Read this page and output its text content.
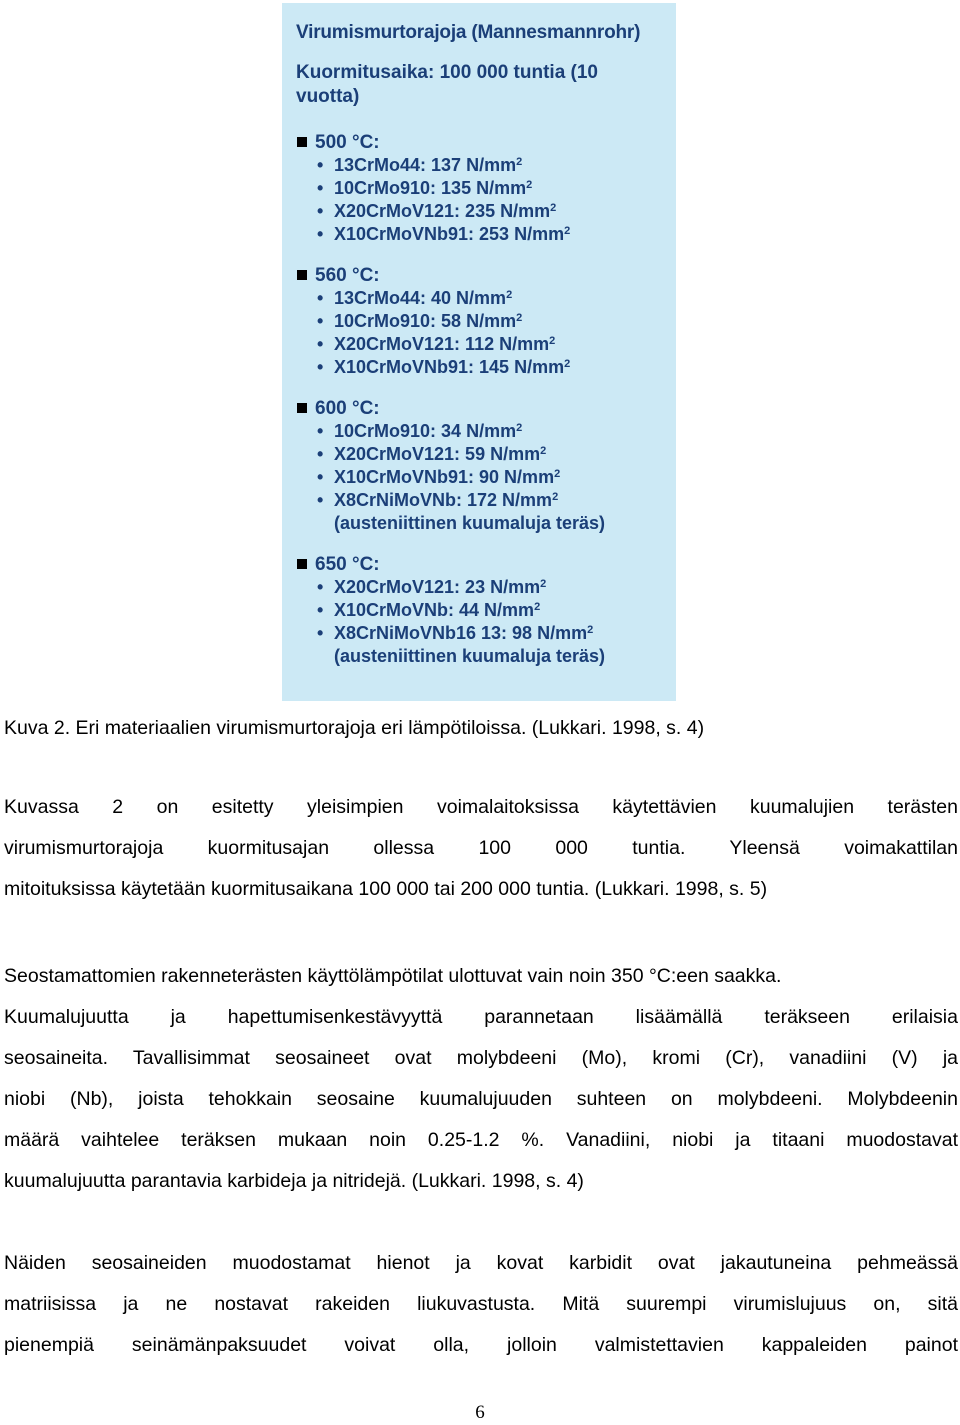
Virumismurtorajoja (Mannesmannrohr)
Kuormitusaika: 100 000 tuntia (10
vuotta)
500 °C:
• 13CrMo44: 137 $N/mm^2$
• 10CrMo910: 135 $N/mm^2$
• X20CrMoV121: 235 $N/mm^2$
• X10CrMoVNb91: 253 $N/mm^2$
560 °C:
• 13CrMo44: 40 $N/mm^2$
• 10CrMo910: 58 $N/mm^2$
• X20CrMoV121: 112 $N/mm^2$
• X10CrMoVNb91: 145 $N/mm^2$
600 °C:
• 10CrMo910: 34 $N/mm^2$
• X20CrMoV121: 59 $N/mm^2$
• X10CrMoVNb91: 90 $N/mm^2$
• X8CrNiMoVNb: 172 $N/mm^2$
(austeniittinen kuumaluja teräs)
650 °C:
• X20CrMoV121: 23 $N/mm^2$
• X10CrMoVNb: 44 $N/mm^2$
• X8CrNiMoVNb16 13: 98 $N/mm^2$
(austeniittinen kuumaluja teräs)
Kuva 2. Eri materiaalien virumismurtorajoja eri lämpötiloissa. (Lukkari. 1998, s. 4)
Kuvassa 2 on esitetty yleisimpien voimalaitoksissa käytettävien kuumalujien terästen
virumismurtorajoja kuormitusajan ollessa 100 000 tuntia. Yleensä voimakattilan
mitoituksissa käytetään kuormitusaikana 100 000 tai 200 000 tuntia. (Lukkari. 1998, s. 5)
Seostamattomien rakenneterästen käyttölämpötilat ulottuvat vain noin 350 °C:een saakka.
Kuumalujuutta ja hapettumisenkestävyyttä parannetaan lisäämällä teräkseen erilaisia
seosaineita. Tavallisimmat seosaineet ovat molybdeeni (Mo), kromi (Cr), vanadiini (V) ja
niobi (Nb), joista tehokkain seosaine kuumalujuuden suhteen on molybdeeni. Molybdeenin
määrä vaihtelee teräksen mukaan noin 0.25-1.2 %. Vanadiini, niobi ja titaani muodostavat
kuumalujuutta parantavia karbideja ja nitridejä. (Lukkari. 1998, s. 4)
Näiden seosaineiden muodostamat hienot ja kovat karbidit ovat jakautuneina pehmeässä
matriisissa ja ne nostavat rakeiden liukuvastusta. Mitä suurempi virumislujuus on, sitä
pienempiä seinämänpaksuudet voivat olla, jolloin valmistettavien kappaleiden painot
6
